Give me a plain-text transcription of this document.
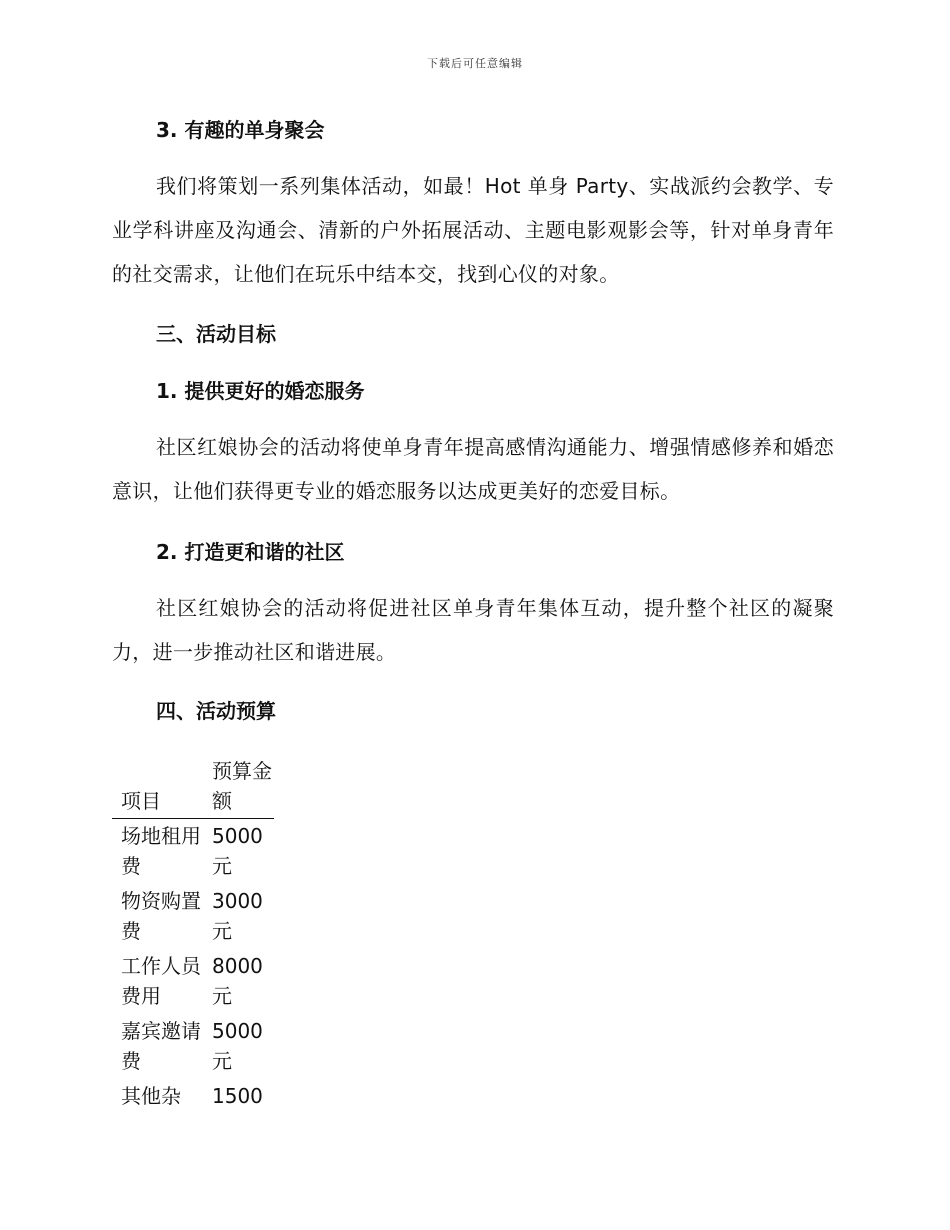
下载后可任意编辑

3. 有趣的单身聚会

我们将策划一系列集体活动，如最！Hot 单身 Party、实战派约会教学、专业学科讲座及沟通会、清新的户外拓展活动、主题电影观影会等，针对单身青年的社交需求，让他们在玩乐中结本交，找到心仪的对象。

三、活动目标

1. 提供更好的婚恋服务

社区红娘协会的活动将使单身青年提高感情沟通能力、增强情感修养和婚恋意识，让他们获得更专业的婚恋服务以达成更美好的恋爱目标。

2. 打造更和谐的社区

社区红娘协会的活动将促进社区单身青年集体互动，提升整个社区的凝聚力，进一步推动社区和谐进展。

四、活动预算

项目	预算金额

场地租用费	5000元

物资购置费	3000元

工作人员费用	8000元

嘉宾邀请费	5000元

其他杂	1500
